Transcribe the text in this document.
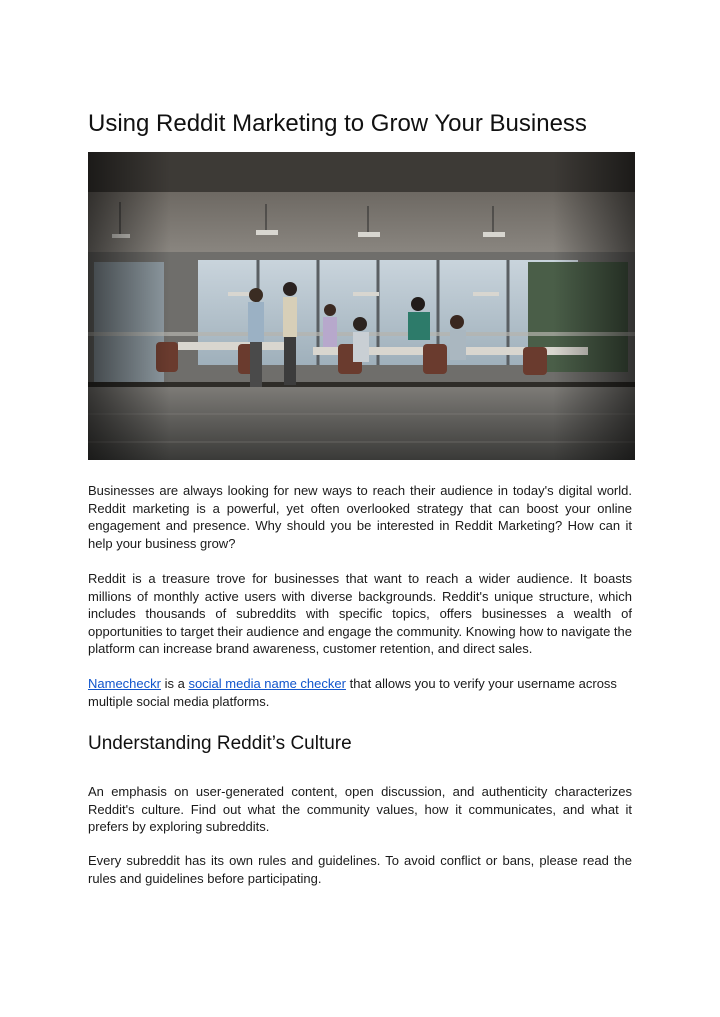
Using Reddit Marketing to Grow Your Business

Businesses are always looking for new ways to reach their audience in today's digital world. Reddit marketing is a powerful, yet often overlooked strategy that can boost your online engagement and presence. Why should you be interested in Reddit Marketing? How can it help your business grow?

Reddit is a treasure trove for businesses that want to reach a wider audience. It boasts millions of monthly active users with diverse backgrounds. Reddit's unique structure, which includes thousands of subreddits with specific topics, offers businesses a wealth of opportunities to target their audience and engage the community. Knowing how to navigate the platform can increase brand awareness, customer retention, and direct sales.

Namecheckr is a social media name checker that allows you to verify your username across multiple social media platforms.

Understanding Reddit’s Culture

An emphasis on user-generated content, open discussion, and authenticity characterizes Reddit's culture. Find out what the community values, how it communicates, and what it prefers by exploring subreddits.

Every subreddit has its own rules and guidelines. To avoid conflict or bans, please read the rules and guidelines before participating.
